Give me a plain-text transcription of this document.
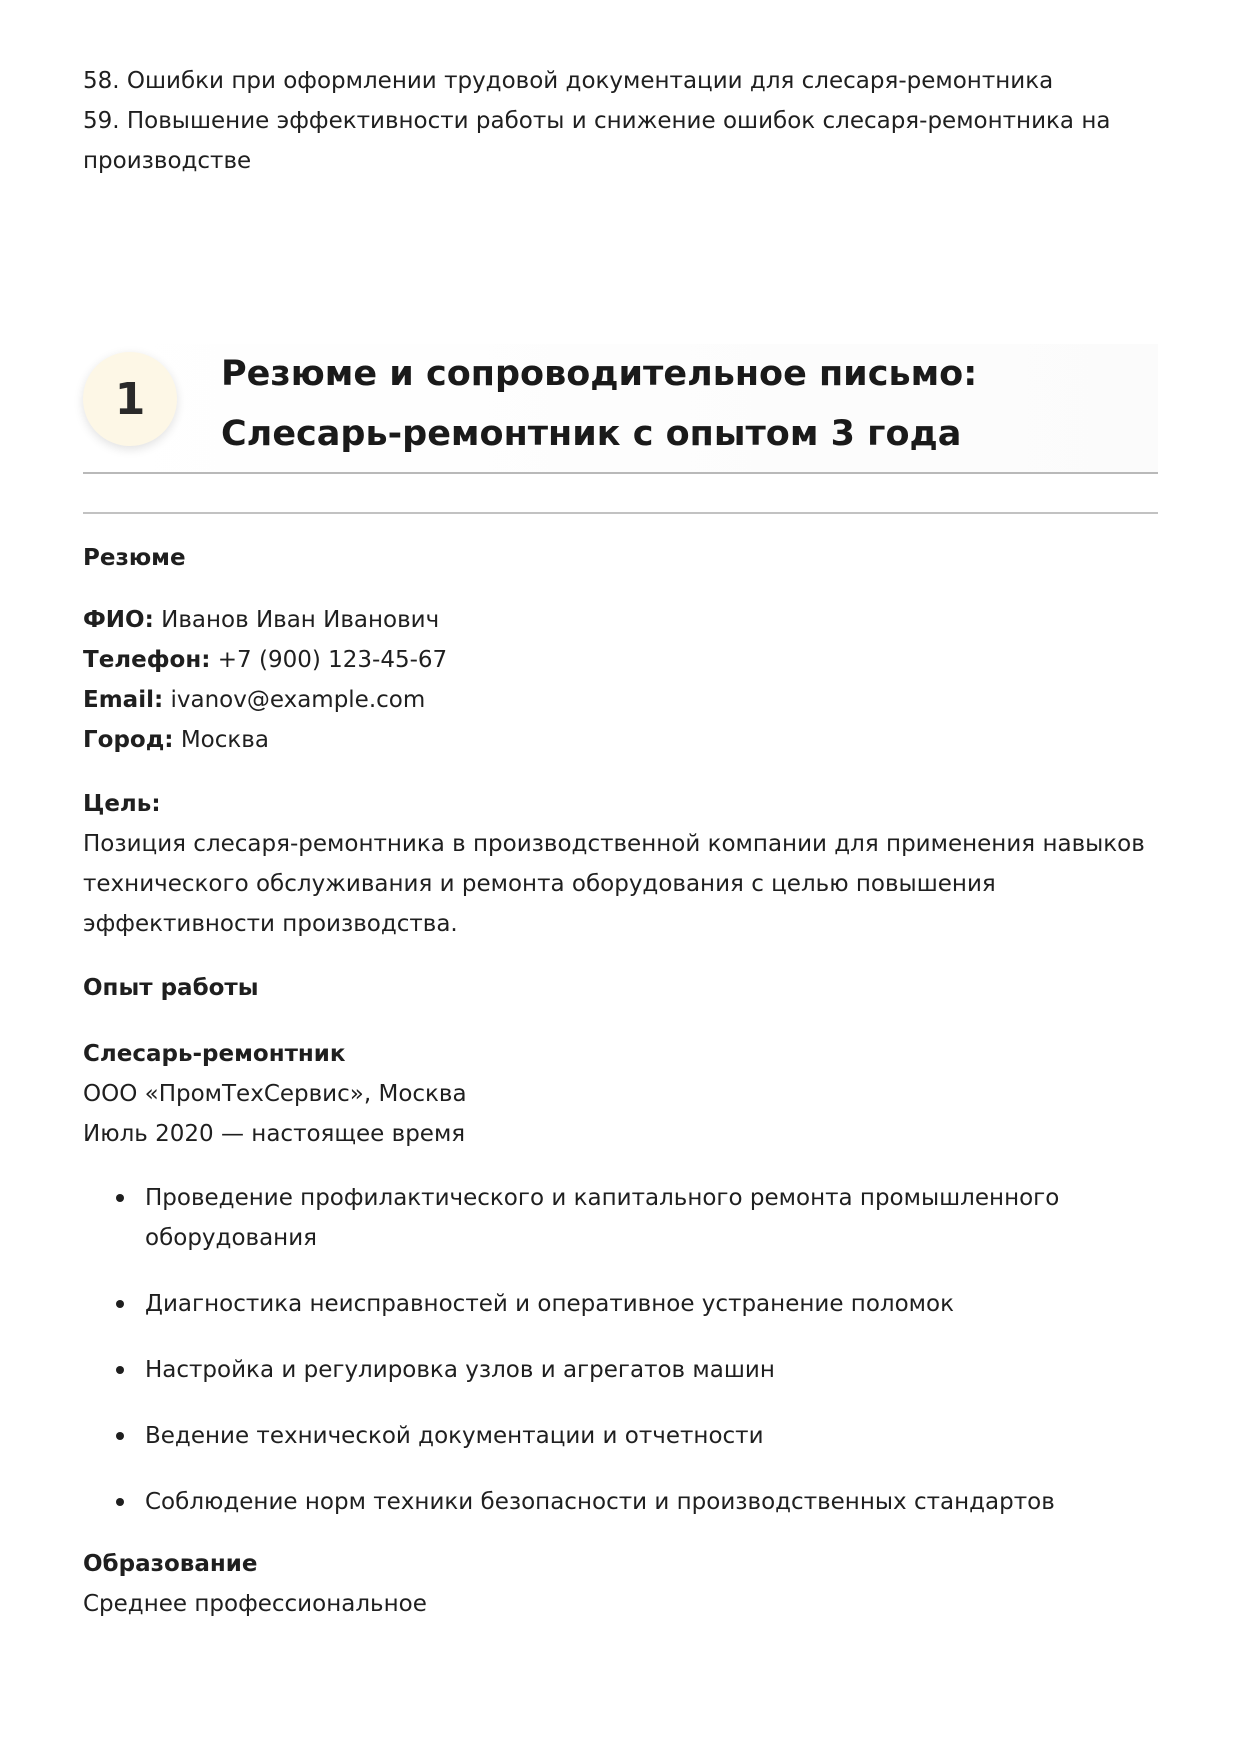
58. Ошибки при оформлении трудовой документации для слесаря-ремонтника
59. Повышение эффективности работы и снижение ошибок слесаря-ремонтника на производстве
1	Резюме и сопроводительное письмо: Слесарь-ремонтник с опытом 3 года
Резюме
ФИО: Иванов Иван Иванович
Телефон: +7 (900) 123-45-67
Email: ivanov@example.com
Город: Москва
Цель:
Позиция слесаря-ремонтника в производственной компании для применения навыков технического обслуживания и ремонта оборудования с целью повышения эффективности производства.
Опыт работы
Слесарь-ремонтник
ООО «ПромТехСервис», Москва
Июль 2020 — настоящее время
Проведение профилактического и капитального ремонта промышленного оборудования
Диагностика неисправностей и оперативное устранение поломок
Настройка и регулировка узлов и агрегатов машин
Ведение технической документации и отчетности
Соблюдение норм техники безопасности и производственных стандартов
Образование
Среднее профессиональное
